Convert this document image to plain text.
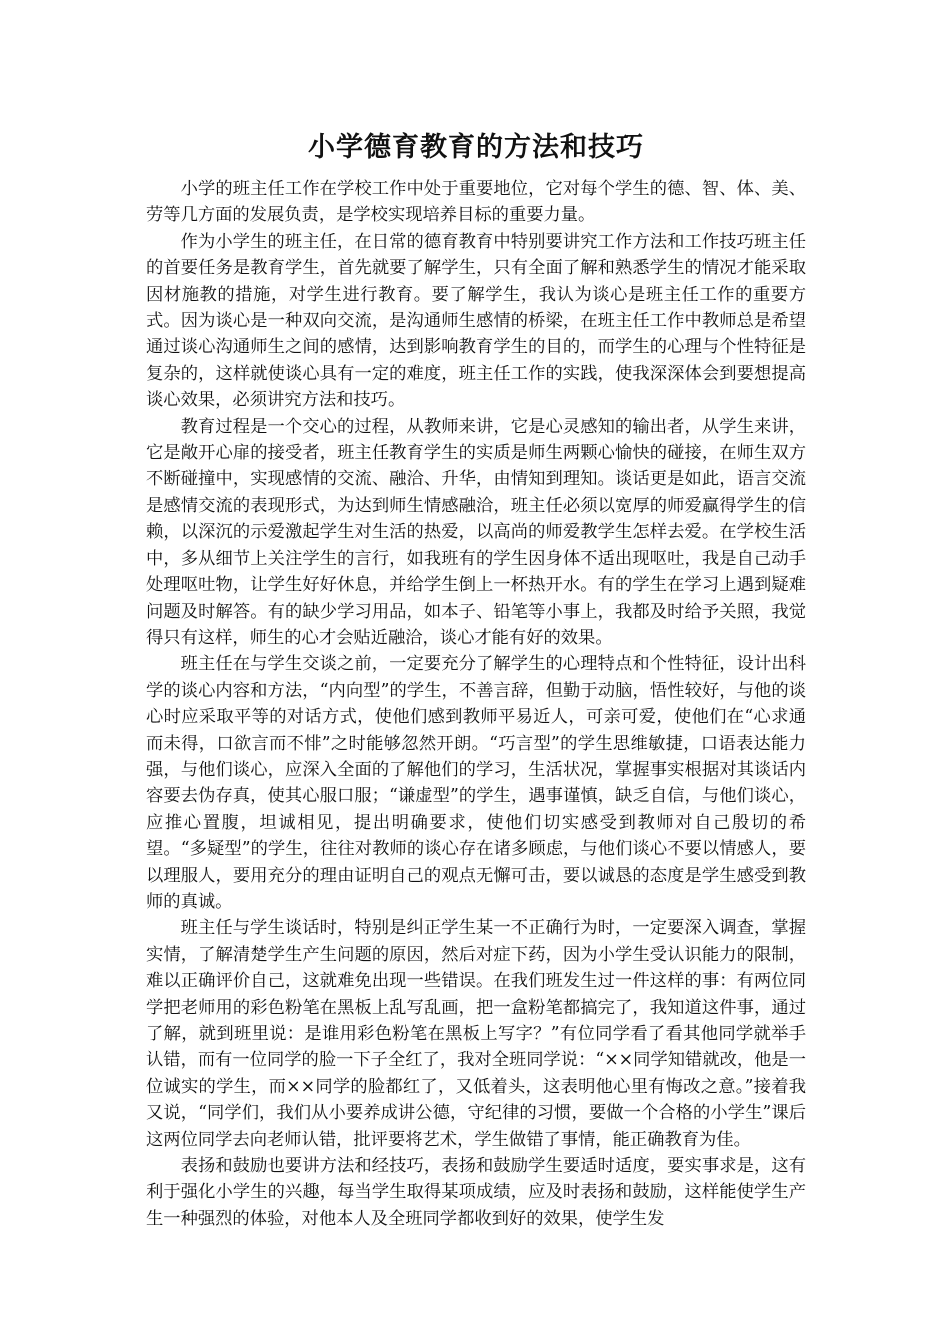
小学德育教育的方法和技巧

小学的班主任工作在学校工作中处于重要地位，它对每个学生的德、智、体、美、劳等几方面的发展负责，是学校实现培养目标的重要力量。

作为小学生的班主任，在日常的德育教育中特别要讲究工作方法和工作技巧班主任的首要任务是教育学生，首先就要了解学生，只有全面了解和熟悉学生的情况才能采取因材施教的措施，对学生进行教育。要了解学生，我认为谈心是班主任工作的重要方式。因为谈心是一种双向交流，是沟通师生感情的桥梁，在班主任工作中教师总是希望通过谈心沟通师生之间的感情，达到影响教育学生的目的，而学生的心理与个性特征是复杂的，这样就使谈心具有一定的难度，班主任工作的实践，使我深深体会到要想提高谈心效果，必须讲究方法和技巧。

教育过程是一个交心的过程，从教师来讲，它是心灵感知的输出者，从学生来讲，它是敞开心扉的接受者，班主任教育学生的实质是师生两颗心愉快的碰接，在师生双方不断碰撞中，实现感情的交流、融洽、升华，由情知到理知。谈话更是如此，语言交流是感情交流的表现形式，为达到师生情感融洽，班主任必须以宽厚的师爱赢得学生的信赖，以深沉的示爱激起学生对生活的热爱，以高尚的师爱教学生怎样去爱。在学校生活中，多从细节上关注学生的言行，如我班有的学生因身体不适出现呕吐，我是自己动手处理呕吐物，让学生好好休息，并给学生倒上一杯热开水。有的学生在学习上遇到疑难问题及时解答。有的缺少学习用品，如本子、铅笔等小事上，我都及时给予关照，我觉得只有这样，师生的心才会贴近融洽，谈心才能有好的效果。

班主任在与学生交谈之前，一定要充分了解学生的心理特点和个性特征，设计出科学的谈心内容和方法，“内向型”的学生，不善言辞，但勤于动脑，悟性较好，与他的谈心时应采取平等的对话方式，使他们感到教师平易近人，可亲可爱，使他们在“心求通而未得，口欲言而不悱”之时能够忽然开朗。“巧言型”的学生思维敏捷，口语表达能力强，与他们谈心，应深入全面的了解他们的学习，生活状况，掌握事实根据对其谈话内容要去伪存真，使其心服口服；“谦虚型”的学生，遇事谨慎，缺乏自信，与他们谈心，应推心置腹，坦诚相见，提出明确要求，使他们切实感受到教师对自己殷切的希望。“多疑型”的学生，往往对教师的谈心存在诸多顾虑，与他们谈心不要以情感人，要以理服人，要用充分的理由证明自己的观点无懈可击，要以诚恳的态度是学生感受到教师的真诚。

班主任与学生谈话时，特别是纠正学生某一不正确行为时，一定要深入调查，掌握实情，了解清楚学生产生问题的原因，然后对症下药，因为小学生受认识能力的限制，难以正确评价自己，这就难免出现一些错误。在我们班发生过一件这样的事：有两位同学把老师用的彩色粉笔在黑板上乱写乱画，把一盒粉笔都搞完了，我知道这件事，通过了解，就到班里说：是谁用彩色粉笔在黑板上写字？”有位同学看了看其他同学就举手认错，而有一位同学的脸一下子全红了，我对全班同学说：“××同学知错就改，他是一位诚实的学生，而××同学的脸都红了，又低着头，这表明他心里有悔改之意。”接着我又说，“同学们，我们从小要养成讲公德，守纪律的习惯，要做一个合格的小学生”课后这两位同学去向老师认错，批评要将艺术，学生做错了事情，能正确教育为佳。

表扬和鼓励也要讲方法和经技巧，表扬和鼓励学生要适时适度，要实事求是，这有利于强化小学生的兴趣，每当学生取得某项成绩，应及时表扬和鼓励，这样能使学生产生一种强烈的体验，对他本人及全班同学都收到好的效果，使学生发
